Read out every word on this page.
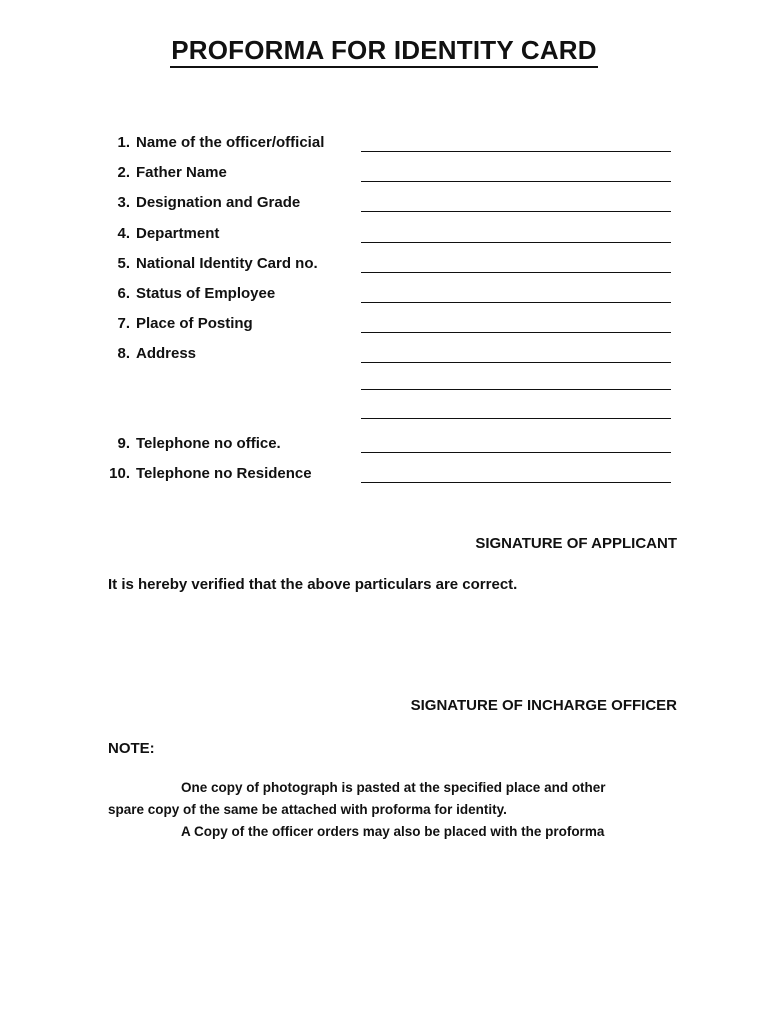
PROFORMA FOR IDENTITY CARD
1. Name of the officer/official
2. Father Name
3. Designation and Grade
4. Department
5. National Identity Card no.
6. Status of Employee
7. Place of Posting
8. Address
9. Telephone no office.
10. Telephone no Residence
SIGNATURE OF APPLICANT
It is hereby verified that the above particulars are correct.
SIGNATURE OF INCHARGE OFFICER
NOTE:
One copy of photograph is pasted at the specified place and other
spare copy of the same be attached with proforma for identity.
A Copy of the officer orders may also be placed with the proforma
